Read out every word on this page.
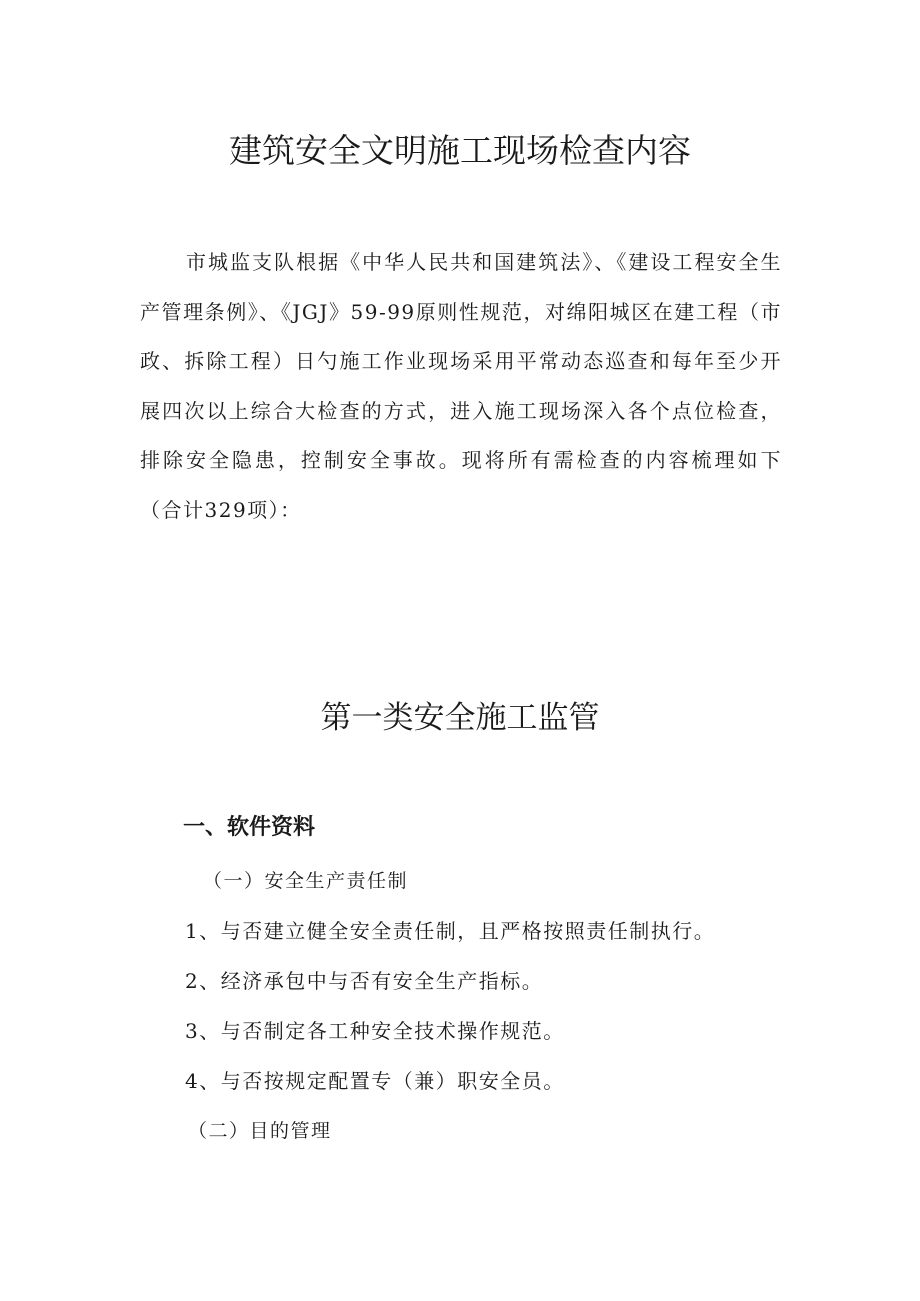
建筑安全文明施工现场检查内容

市城监支队根据《中华人民共和国建筑法》、《建设工程安全生产管理条例》、《JGJ》59-99原则性规范，对绵阳城区在建工程（市政、拆除工程）日勺施工作业现场采用平常动态巡查和每年至少开展四次以上综合大检查的方式，进入施工现场深入各个点位检查，排除安全隐患，控制安全事故。现将所有需检查的内容梳理如下（合计329项）：

第一类安全施工监管
一、软件资料

（一）安全生产责任制

1、与否建立健全安全责任制，且严格按照责任制执行。

2、经济承包中与否有安全生产指标。

3、与否制定各工种安全技术操作规范。

4、与否按规定配置专（兼）职安全员。

（二）目的管理
